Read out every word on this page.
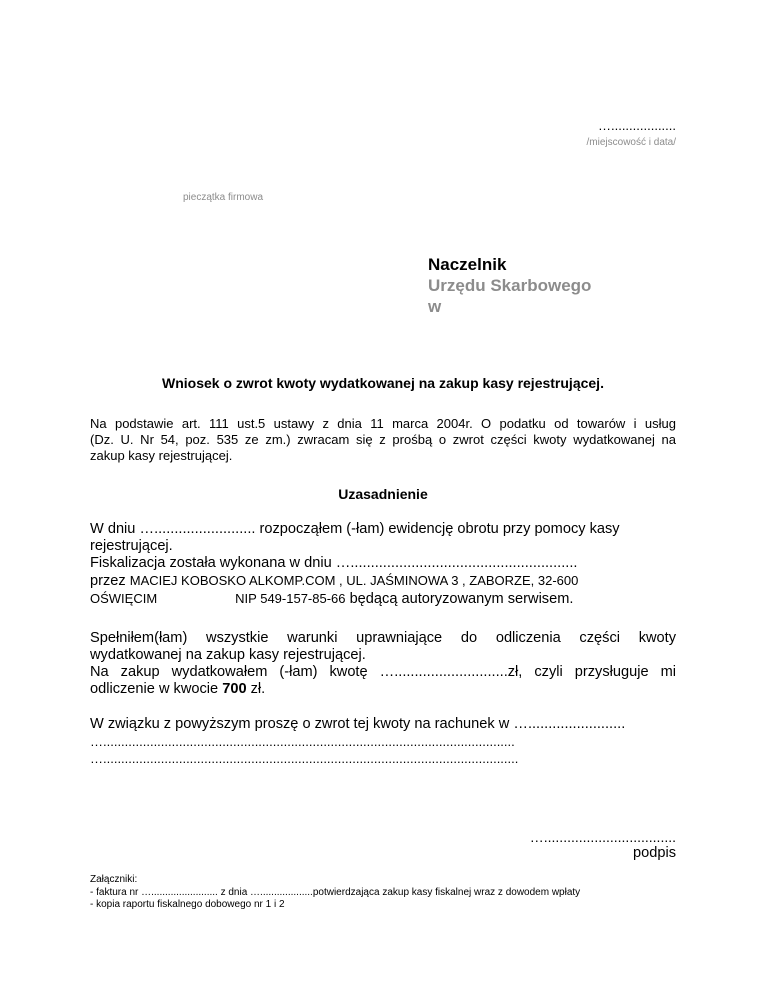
…..................
/miejscowość i data/
pieczątka firmowa
Naczelnik
Urzędu Skarbowego
w
Wniosek o zwrot kwoty wydatkowanej na zakup kasy rejestrującej.
Na podstawie art. 111 ust.5 ustawy z dnia 11 marca 2004r. O podatku od towarów i usług
(Dz. U. Nr 54, poz. 535 ze zm.) zwracam się z prośbą o zwrot części kwoty wydatkowanej na
zakup kasy rejestrującej.
Uzasadnienie
W dniu …......................... rozpocząłem (-łam) ewidencję obrotu przy pomocy kasy
rejestrującej.
Fiskalizacja została wykonana w dniu …........................................................
przez MACIEJ KOBOSKO ALKOMP.COM , UL. JAŚMINOWA 3 , ZABORZE, 32-600
OŚWIĘCIM	NIP 549-157-85-66 będącą autoryzowanym serwisem.
Spełniłem(łam) wszystkie warunki uprawniające do odliczenia części kwoty
wydatkowanej na zakup kasy rejestrującej.
Na zakup wydatkowałem (-łam) kwotę …............................zł, czyli przysługuje mi
odliczenie w kwocie 700 zł.
W związku z powyższym proszę o zwrot tej kwoty na rachunek w …........................
…..................................................................................................................
…...................................................................................................................
…..................................
podpis
Załączniki:
- faktura nr …........................ z dnia …...................potwierdzająca zakup kasy fiskalnej wraz z dowodem wpłaty
- kopia raportu fiskalnego dobowego nr 1 i 2
